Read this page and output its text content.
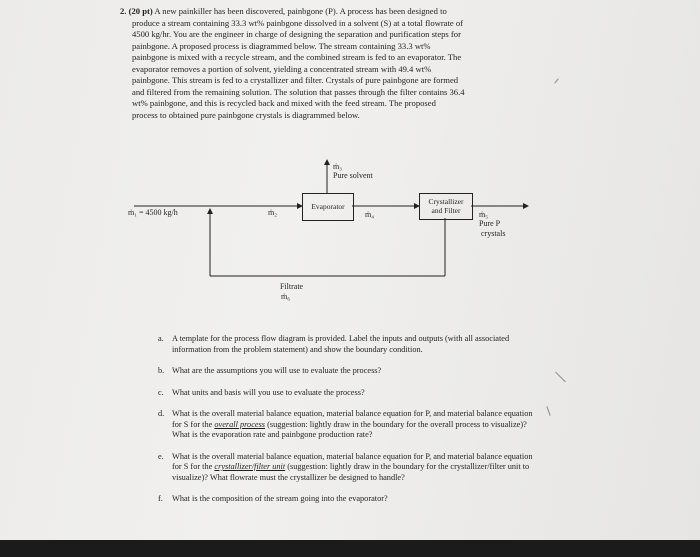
2. (20 pt) A new painkiller has been discovered, painbgone (P). A process has been designed to

produce a stream containing 33.3 wt% painbgone dissolved in a solvent (S) at a total flowrate of

4500 kg/hr. You are the engineer in charge of designing the separation and purification steps for

painbgone. A proposed process is diagrammed below. The stream containing 33.3 wt%

painbgone is mixed with a recycle stream, and the combined stream is fed to an evaporator. The

evaporator removes a portion of solvent, yielding a concentrated stream with 49.4 wt%

painbgone. This stream is fed to a crystallizer and filter. Crystals of pure painbgone are formed

and filtered from the remaining solution. The solution that passes through the filter contains 36.4

wt% painbgone, and this is recycled back and mixed with the feed stream. The proposed

process to obtained pure painbgone crystals is diagrammed below.

Evaporator
Crystallizer
and Filter
ṁ₁ = 4500 kg/h	ṁ₂
ṁ₃
Pure solvent
ṁ₄	ṁ₅
Pure P
crystals
Filtrate
ṁ₆
a. A template for the process flow diagram is provided. Label the inputs and outputs (with all associated information from the problem statement) and show the boundary condition.
b. What are the assumptions you will use to evaluate the process?
c. What units and basis will you use to evaluate the process?
d. What is the overall material balance equation, material balance equation for P, and material balance equation for S for the overall process (suggestion: lightly draw in the boundary for the overall process to visualize)? What is the evaporation rate and painbgone production rate?
e. What is the overall material balance equation, material balance equation for P, and material balance equation for S for the crystallizer/filter unit (suggestion: lightly draw in the boundary for the crystallizer/filter unit to visualize)? What flowrate must the crystallizer be designed to handle?
f. What is the composition of the stream going into the evaporator?
